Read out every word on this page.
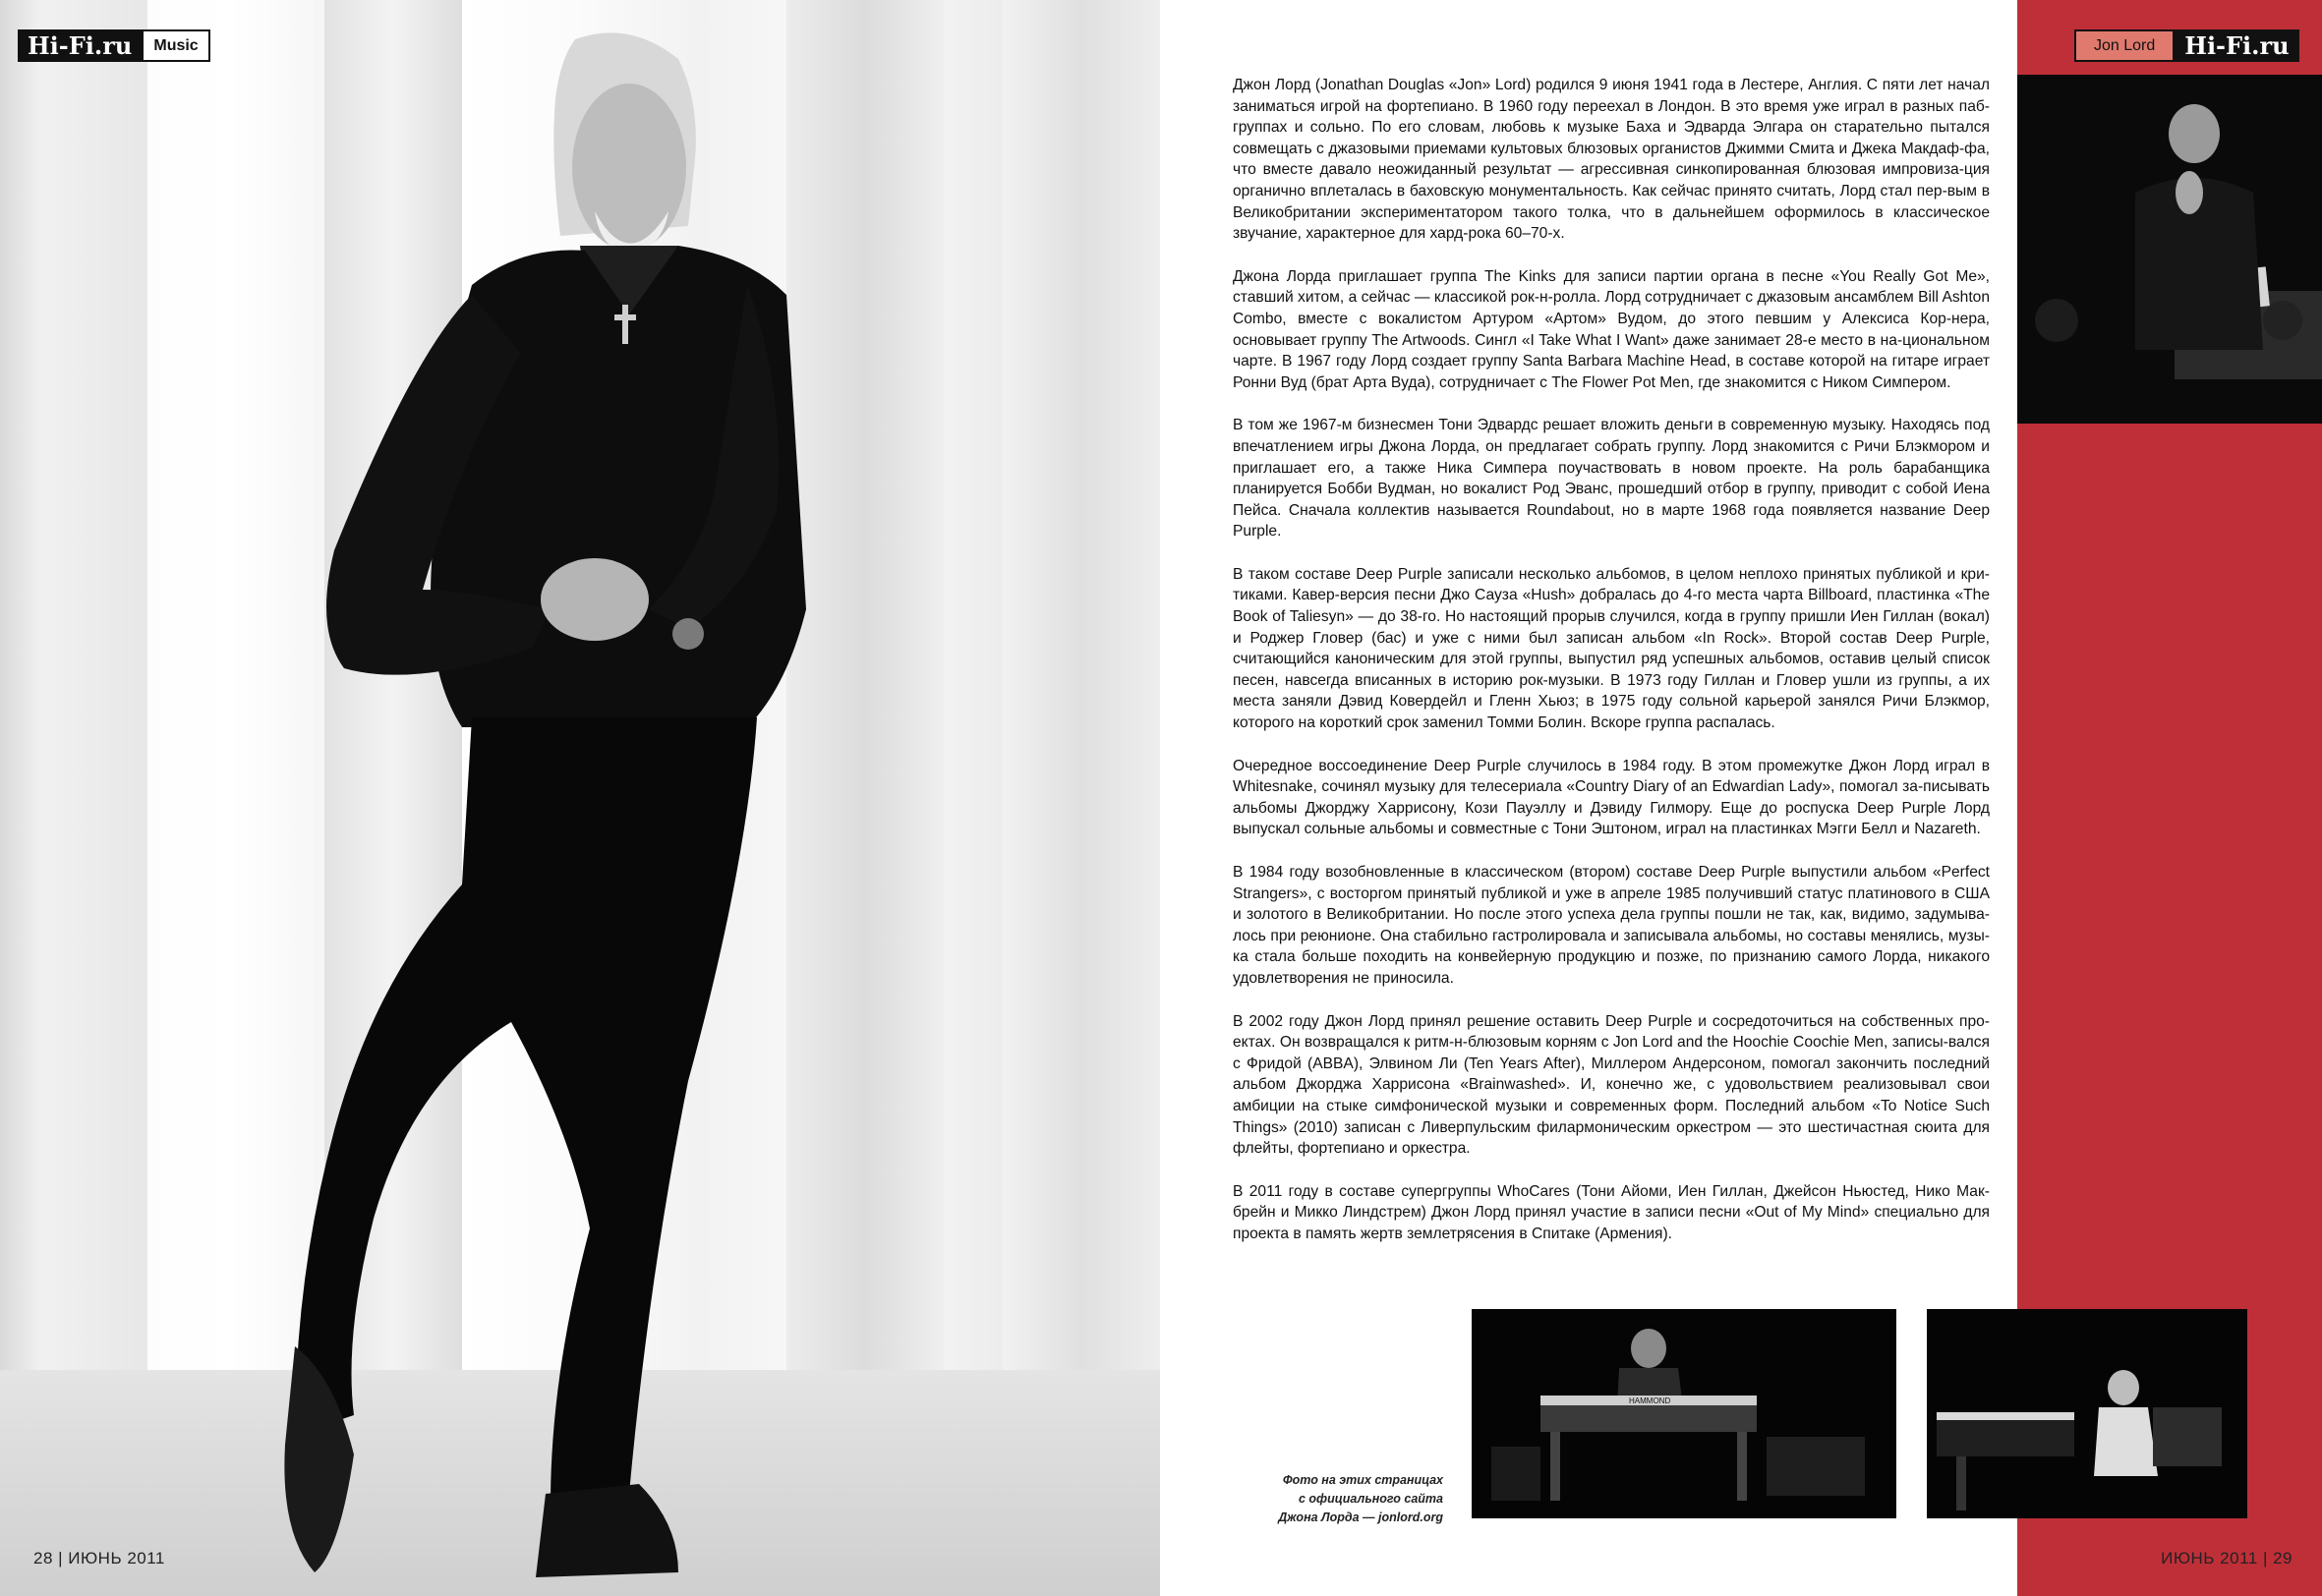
Hi-Fi.ru	Music
28 | ИЮНЬ 2011
Jon Lord	Hi-Fi.ru

Джон Лорд (Jonathan Douglas «Jon» Lord) родился 9 июня 1941 года в Лестере, Англия. С пяти лет начал заниматься игрой на фортепиано. В 1960 году переехал в Лондон. В это время уже играл в разных паб-группах и сольно. По его словам, любовь к музыке Баха и Эдварда Элгара он старательно пытался совмещать с джазовыми приемами культовых блюзовых органистов Джимми Смита и Джека Макдаф-фа, что вместе давало неожиданный результат — агрессивная синкопированная блюзовая импровиза-ция органично вплеталась в баховскую монументальность. Как сейчас принято считать, Лорд стал пер-вым в Великобритании экспериментатором такого толка, что в дальнейшем оформилось в классическое звучание, характерное для хард-рока 60–70-х.

Джона Лорда приглашает группа The Kinks для записи партии органа в песне «You Really Got Me», ставший хитом, а сейчас — классикой рок-н-ролла. Лорд сотрудничает с джазовым ансамблем Bill Ashton Combo, вместе с вокалистом Артуром «Артом» Вудом, до этого певшим у Алексиса Кор-нера, основывает группу The Artwoods. Сингл «I Take What I Want» даже занимает 28-е место в на-циональном чарте. В 1967 году Лорд создает группу Santa Barbara Machine Head, в составе которой на гитаре играет Ронни Вуд (брат Арта Вуда), сотрудничает с The Flower Pot Men, где знакомится с Ником Симпером.

В том же 1967-м бизнесмен Тони Эдвардс решает вложить деньги в современную музыку. Находясь под впечатлением игры Джона Лорда, он предлагает собрать группу. Лорд знакомится с Ричи Блэкмором и приглашает его, а также Ника Симпера поучаствовать в новом проекте. На роль барабанщика планируется Бобби Вудман, но вокалист Род Эванс, прошедший отбор в группу, приводит с собой Иена Пейса. Сначала коллектив называется Roundabout, но в марте 1968 года появляется название Deep Purple.

В таком составе Deep Purple записали несколько альбомов, в целом неплохо принятых публикой и кри-тиками. Кавер-версия песни Джо Сауза «Hush» добралась до 4-го места чарта Billboard, пластинка «The Book of Taliesyn» — до 38-го. Но настоящий прорыв случился, когда в группу пришли Иен Гиллан (вокал) и Роджер Гловер (бас) и уже с ними был записан альбом «In Rock». Второй состав Deep Purple, считающийся каноническим для этой группы, выпустил ряд успешных альбомов, оставив целый список песен, навсегда вписанных в историю рок-музыки. В 1973 году Гиллан и Гловер ушли из группы, а их места заняли Дэвид Ковердейл и Гленн Хьюз; в 1975 году сольной карьерой занялся Ричи Блэкмор, которого на короткий срок заменил Томми Болин. Вскоре группа распалась.

Очередное воссоединение Deep Purple случилось в 1984 году. В этом промежутке Джон Лорд играл в Whitesnake, сочинял музыку для телесериала «Country Diary of an Edwardian Lady», помогал за-писывать альбомы Джорджу Харрисону, Кози Пауэллу и Дэвиду Гилмору. Еще до роспуска Deep Purple Лорд выпускал сольные альбомы и совместные с Тони Эштоном, играл на пластинках Мэгги Белл и Nazareth.

В 1984 году возобновленные в классическом (втором) составе Deep Purple выпустили альбом «Perfect Strangers», с восторгом принятый публикой и уже в апреле 1985 получивший статус платинового в США и золотого в Великобритании. Но после этого успеха дела группы пошли не так, как, видимо, задумыва-лось при реюнионе. Она стабильно гастролировала и записывала альбомы, но составы менялись, музы-ка стала больше походить на конвейерную продукцию и позже, по признанию самого Лорда, никакого удовлетворения не приносила.

В 2002 году Джон Лорд принял решение оставить Deep Purple и сосредоточиться на собственных про-ектах. Он возвращался к ритм-н-блюзовым корням с Jon Lord and the Hoochie Coochie Men, записы-вался с Фридой (ABBA), Элвином Ли (Ten Years After), Миллером Андерсоном, помогал закончить последний альбом Джорджа Харрисона «Brainwashed». И, конечно же, с удовольствием реализовывал свои амбиции на стыке симфонической музыки и современных форм. Последний альбом «To Notice Such Things» (2010) записан с Ливерпульским филармоническим оркестром — это шестичастная сюита для флейты, фортепиано и оркестра.

В 2011 году в составе супергруппы WhoCares (Тони Айоми, Иен Гиллан, Джейсон Ньюстед, Нико Мак-брейн и Микко Линдстрем) Джон Лорд принял участие в записи песни «Out of My Mind» специально для проекта в память жертв землетрясения в Спитаке (Армения).

HAMMOND
Фото на этих страницах
с официального сайта
Джона Лорда — jonlord.org
ИЮНЬ 2011 | 29
